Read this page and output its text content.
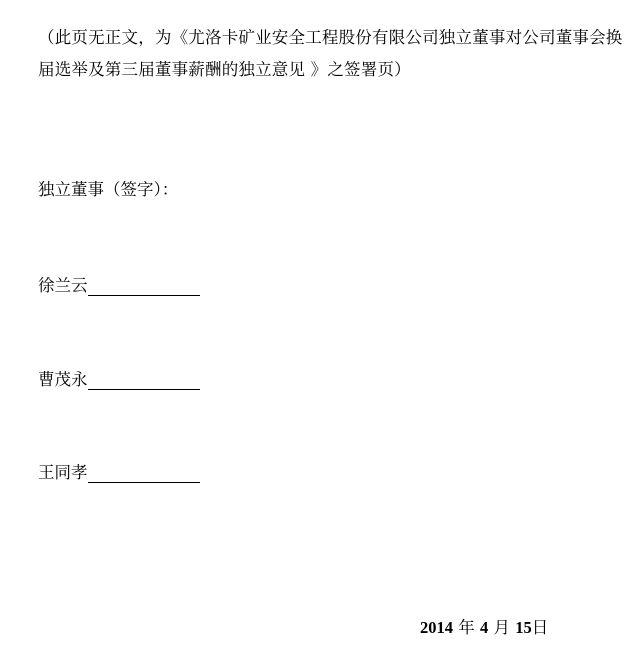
（此页无正文，为《尤洛卡矿业安全工程股份有限公司独立董事对公司董事会换
届选举及第三届董事薪酬的独立意见 》之签署页）
独立董事（签字）：
徐兰云
曹茂永
王同孝
2014 年 4 月 15日
